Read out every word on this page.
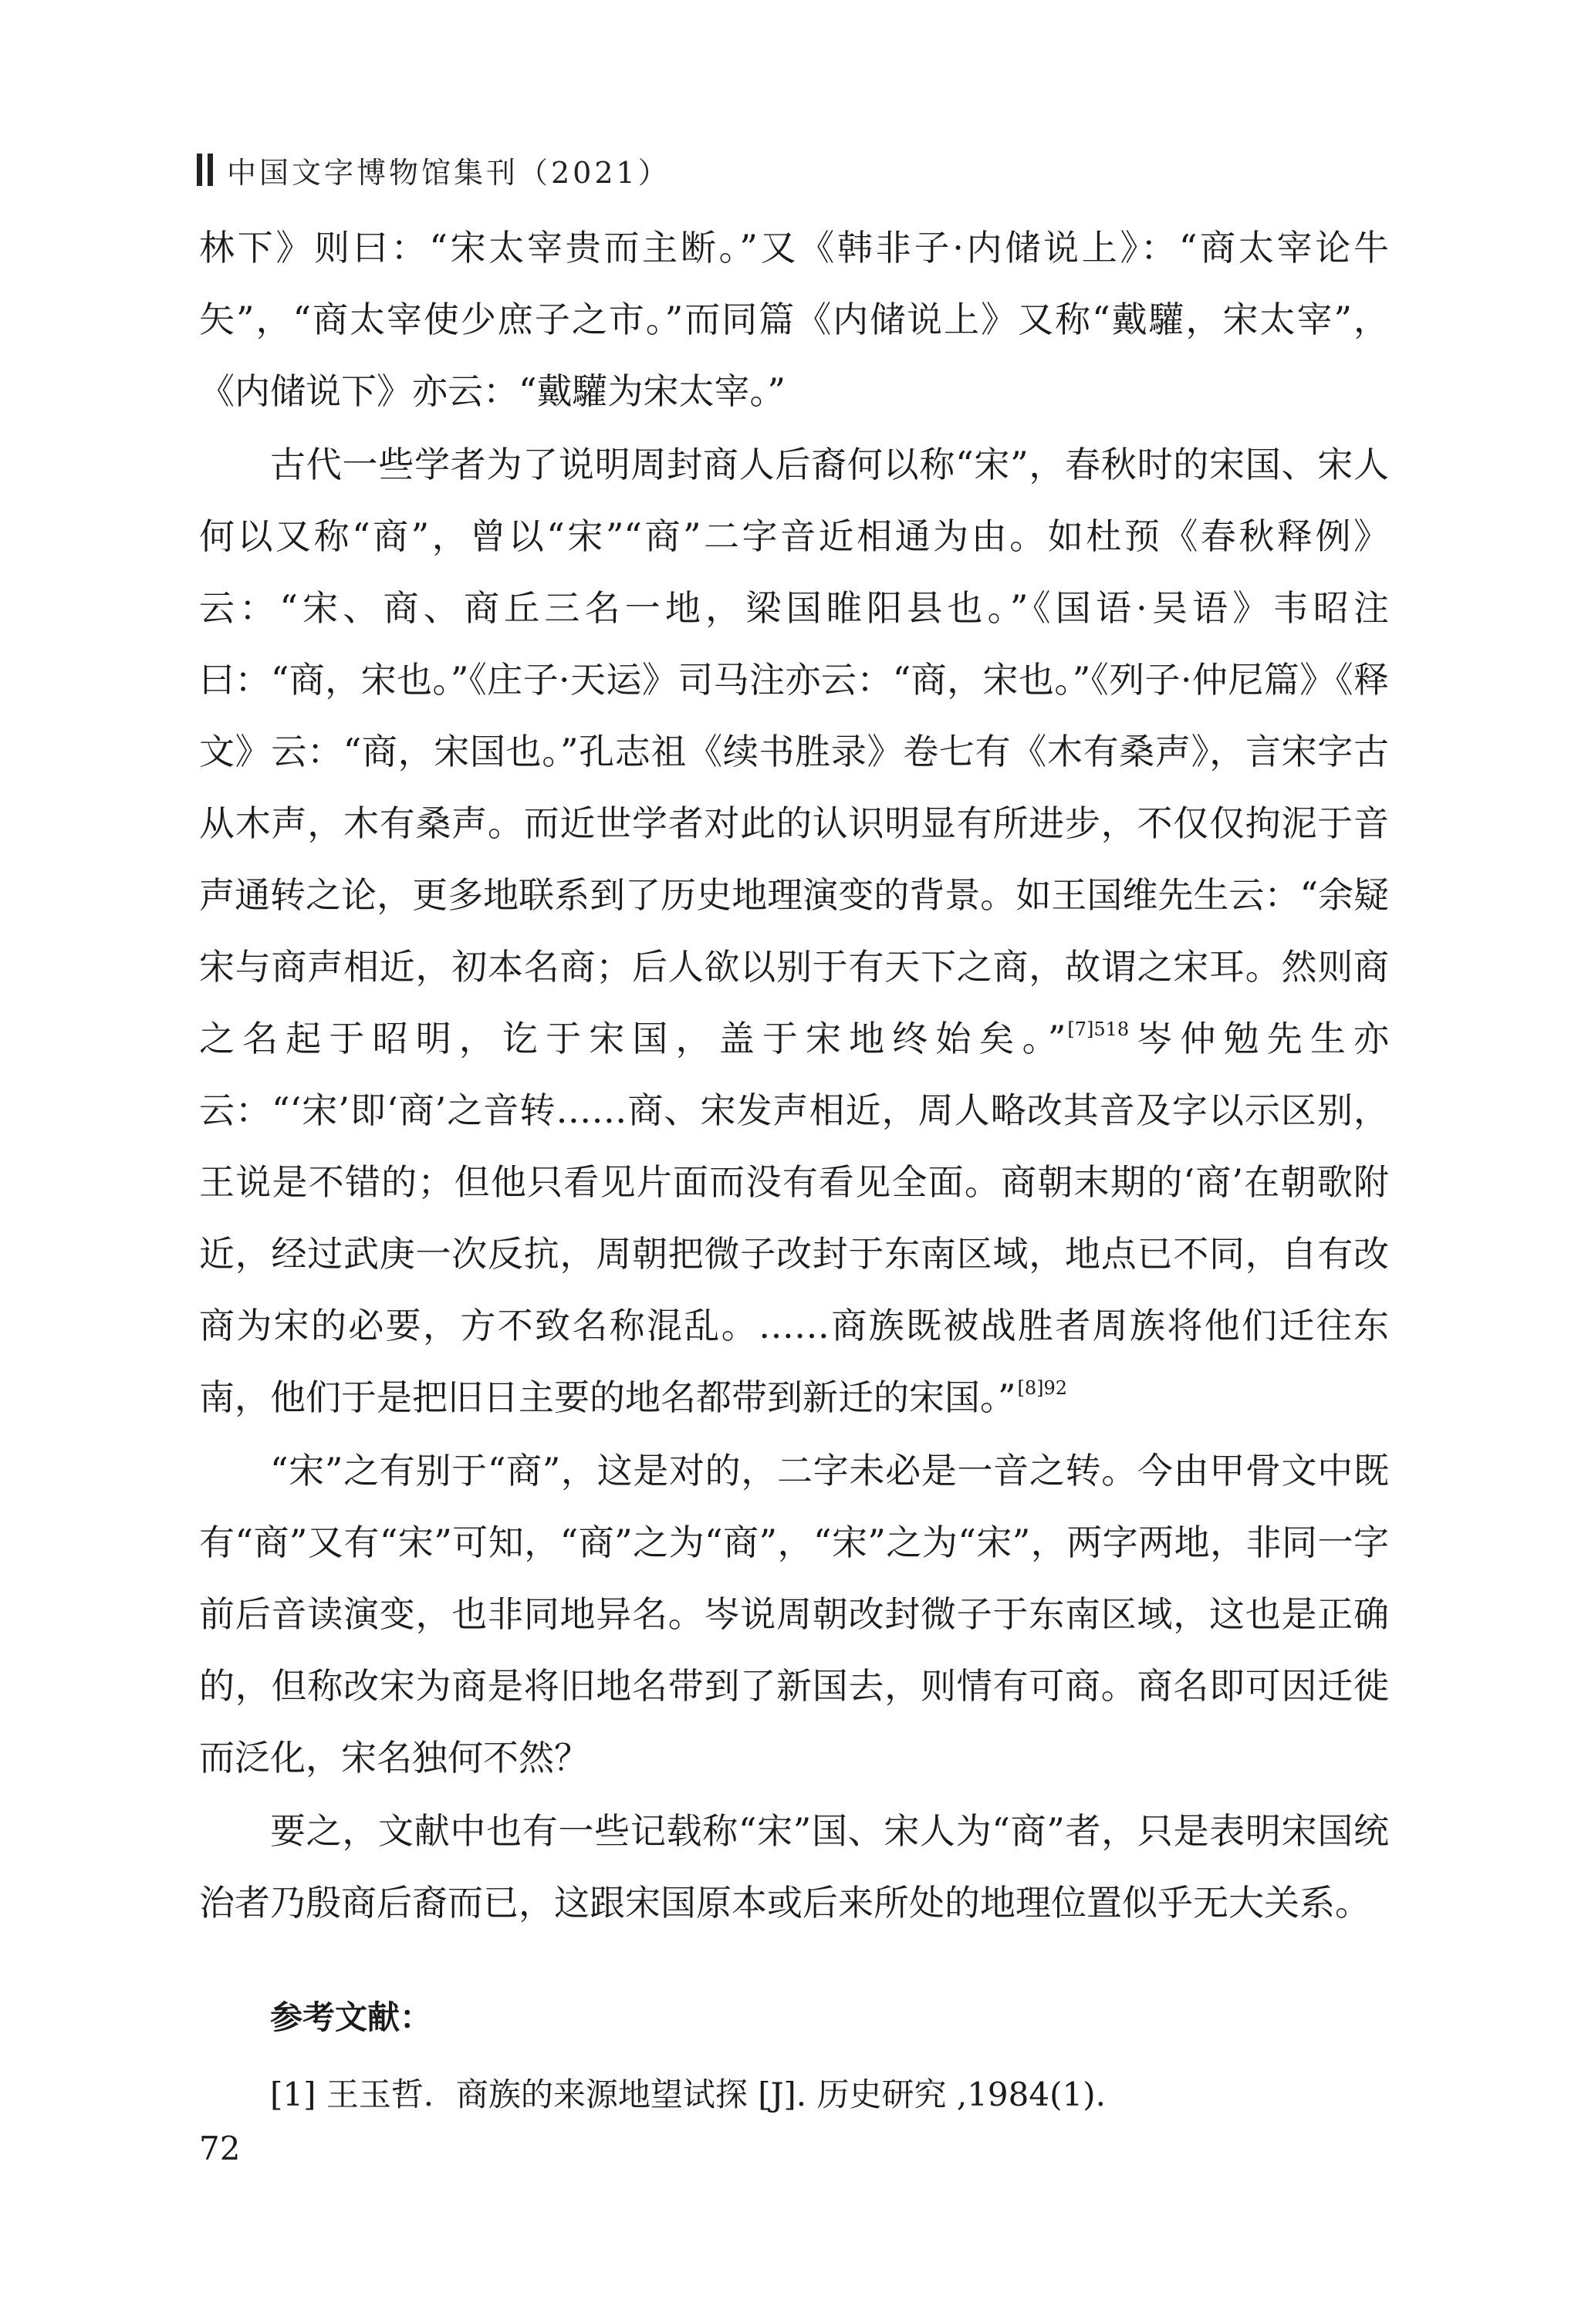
中国文字博物馆集刊（2021）

林下》则曰：“宋太宰贵而主断。”又《韩非子·内储说上》：“商太宰论牛矢”，“商太宰使少庶子之市。”而同篇《内储说上》又称“戴驩，宋太宰”，《内储说下》亦云：“戴驩为宋太宰。”

古代一些学者为了说明周封商人后裔何以称“宋”，春秋时的宋国、宋人何以又称“商”，曾以“宋”“商”二字音近相通为由。如杜预《春秋释例》云：“宋、商、商丘三名一地，梁国睢阳县也。”《国语·吴语》韦昭注曰：“商，宋也。”《庄子·天运》司马注亦云：“商，宋也。”《列子·仲尼篇》《释文》云：“商，宋国也。”孔志祖《续书胜录》卷七有《木有桑声》，言宋字古从木声，木有桑声。而近世学者对此的认识明显有所进步，不仅仅拘泥于音声通转之论，更多地联系到了历史地理演变的背景。如王国维先生云：“余疑宋与商声相近，初本名商；后人欲以别于有天下之商，故谓之宋耳。然则商之名起于昭明，讫于宋国，盖于宋地终始矣。”$^{[7]518}$岑仲勉先生亦云：“‘宋’即‘商’之音转……商、宋发声相近，周人略改其音及字以示区别，王说是不错的；但他只看见片面而没有看见全面。商朝末期的‘商’在朝歌附近，经过武庚一次反抗，周朝把微子改封于东南区域，地点已不同，自有改商为宋的必要，方不致名称混乱。……商族既被战胜者周族将他们迁往东南，他们于是把旧日主要的地名都带到新迁的宋国。”$^{[8]92}$

“宋”之有别于“商”，这是对的，二字未必是一音之转。今由甲骨文中既有“商”又有“宋”可知，“商”之为“商”，“宋”之为“宋”，两字两地，非同一字前后音读演变，也非同地异名。岑说周朝改封微子于东南区域，这也是正确的，但称改宋为商是将旧地名带到了新国去，则情有可商。商名即可因迁徙而泛化，宋名独何不然？

要之，文献中也有一些记载称“宋”国、宋人为“商”者，只是表明宋国统治者乃殷商后裔而已，这跟宋国原本或后来所处的地理位置似乎无大关系。

参考文献：
[1] 王玉哲．商族的来源地望试探 [J]. 历史研究 ,1984(1).
72
